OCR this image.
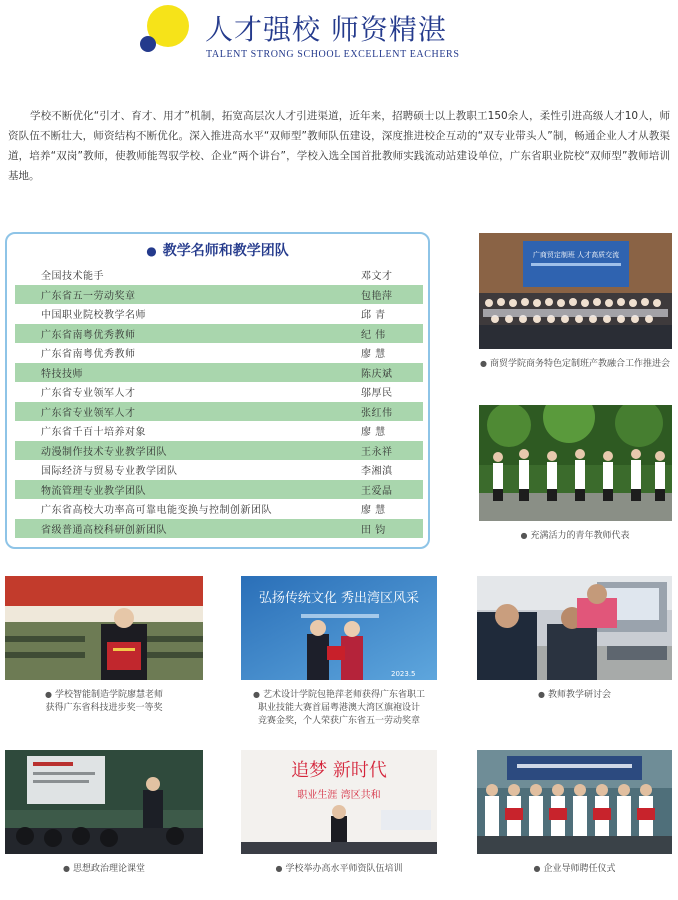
人才强校 师资精湛
TALENT STRONG SCHOOL EXCELLENT EACHERS
学校不断优化“引才、育才、用才”机制，拓宽高层次人才引进渠道，近年来，招聘硕士以上教职工150余人，柔性引进高级人才10人，师资队伍不断壮大，师资结构不断优化。深入推进高水平“双师型”教师队伍建设，深度推进校企互动的“双专业带头人”制，畅通企业人才从教渠道，培养“双岗”教师，使教师能驾驭学校、企业“两个讲台”，学校入选全国首批教师实践流动站建设单位，广东省职业院校“双师型”教师培训基地。
● 教学名师和教学团队
全国技术能手	邓文才
广东省五一劳动奖章	包艳萍
中国职业院校教学名师	邱 青
广东省南粤优秀教师	纪 伟
广东省南粤优秀教师	廖 慧
特技技师	陈庆斌
广东省专业领军人才	邬厚民
广东省专业领军人才	张红伟
广东省千百十培养对象	廖 慧
动漫制作技术专业教学团队	王永祥
国际经济与贸易专业教学团队	李湘滇
物流管理专业教学团队	王爱晶
广东省高校大功率高可靠电能变换与控制创新团队	廖 慧
省级普通高校科研创新团队	田 钧
广商贸定制班 人才高质交流
● 商贸学院商务特色定制班产教融合工作推进会
● 充满活力的青年教师代表
● 学校智能制造学院廖慧老师
获得广东省科技进步奖一等奖
弘扬传统文化 秀出湾区风采
2023.5
● 艺术设计学院包艳萍老师获得广东省职工
职业技能大赛首届粤港澳大湾区旗袍设计
竞赛金奖，个人荣获广东省五一劳动奖章
● 教师教学研讨会
● 思想政治理论课堂
追梦 新时代
职业生涯 湾区共和
● 学校举办高水平师资队伍培训	● 企业导师聘任仪式
